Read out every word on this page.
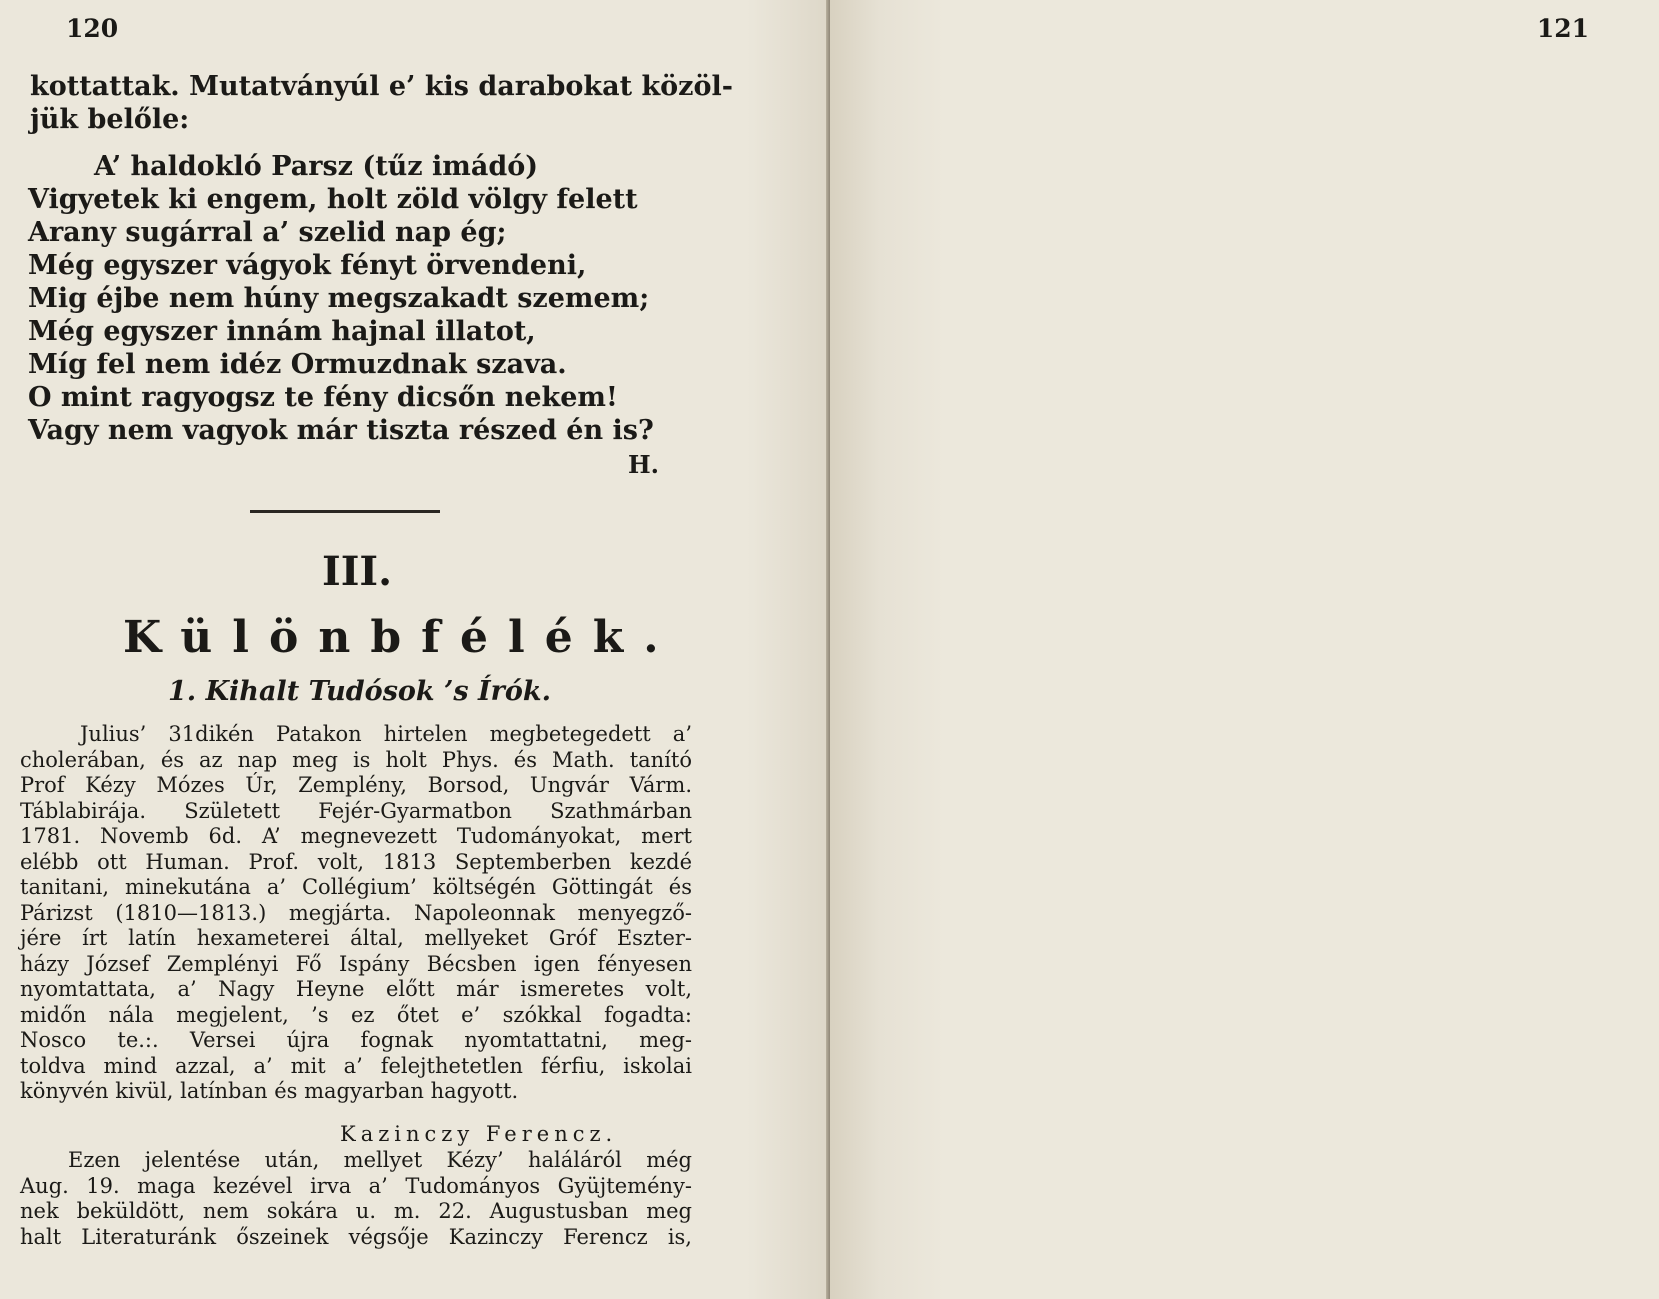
120
kottattak. Mutatványúl e’ kis darabokat közöl-
jük belőle:
A’ haldokló Parsz (tűz imádó)
Vigyetek ki engem, holt zöld völgy felett
Arany sugárral a’ szelid nap ég;
Még egyszer vágyok fényt örvendeni,
Mig éjbe nem húny megszakadt szemem;
Még egyszer innám hajnal illatot,
Míg fel nem idéz Ormuzdnak szava.
O mint ragyogsz te fény dicsőn nekem!
Vagy nem vagyok már tiszta részed én is?
H.
III.
Különbfélék.
1. Kihalt Tudósok ’s Írók.
Julius’ 31dikén Patakon hirtelen megbetegedett a’
cholerában, és az nap meg is holt Phys. és Math. tanító
Prof Kézy Mózes Úr, Zemplény, Borsod, Ungvár Várm.
Táblabirája. Született Fejér-Gyarmatbon Szathmárban
1781. Novemb 6d. A’ megnevezett Tudományokat, mert
elébb ott Human. Prof. volt, 1813 Septemberben kezdé
tanitani, minekutána a’ Collégium’ költségén Göttingát és
Párizst (1810—1813.) megjárta. Napoleonnak menyegző-
jére írt latín hexameterei által, mellyeket Gróf Eszter-
házy József Zemplényi Fő Ispány Bécsben igen fényesen
nyomtattata, a’ Nagy Heyne előtt már ismeretes volt,
midőn nála megjelent, ’s ez őtet e’ szókkal fogadta:
Nosco te.:. Versei újra fognak nyomtattatni, meg-
toldva mind azzal, a’ mit a’ felejthetetlen férfiu, iskolai
könyvén kivül, latínban és magyarban hagyott.
Kazinczy Ferencz.
Ezen jelentése után, mellyet Kézy’ haláláról még
Aug. 19. maga kezével irva a’ Tudományos Gyüjtemény-
nek beküldött, nem sokára u. m. 22. Augustusban meg
halt Literaturánk őszeinek végsője Kazinczy Ferencz is,
121
